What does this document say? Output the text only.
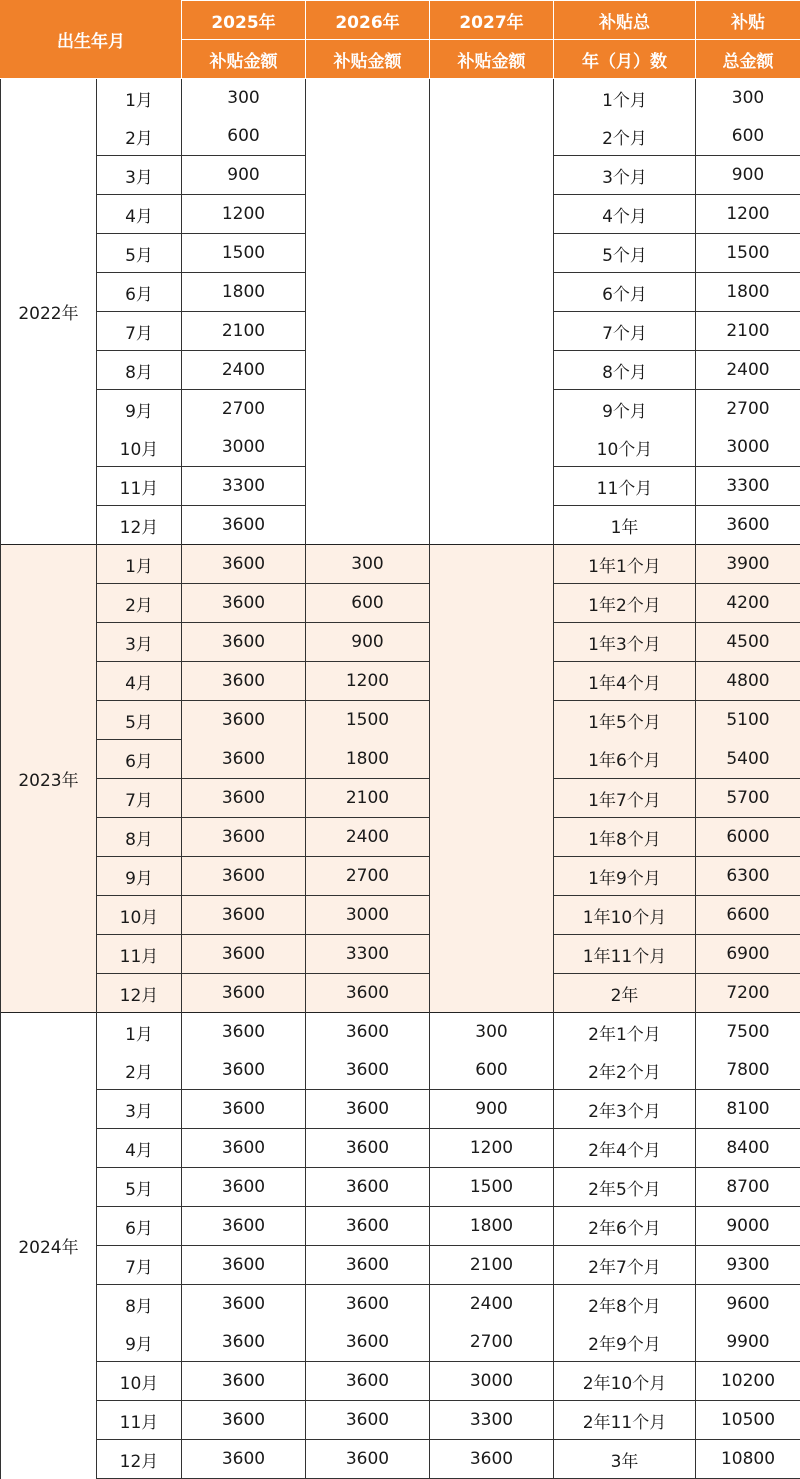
出生年月		2025年	2026年	2027年	补贴总	补贴
		补贴金额	补贴金额	补贴金额	年（月）数	总金额
2022年	1月	300			1个月	300
	2月	600			2个月	600
	3月	900			3个月	900
	4月	1200			4个月	1200
	5月	1500			5个月	1500
	6月	1800			6个月	1800
	7月	2100			7个月	2100
	8月	2400			8个月	2400
	9月	2700			9个月	2700
	10月	3000			10个月	3000
	11月	3300			11个月	3300
	12月	3600			1年	3600
2023年	1月	3600	300		1年1个月	3900
	2月	3600	600		1年2个月	4200
	3月	3600	900		1年3个月	4500
	4月	3600	1200		1年4个月	4800
	5月	3600	1500		1年5个月	5100
	6月	3600	1800		1年6个月	5400
	7月	3600	2100		1年7个月	5700
	8月	3600	2400		1年8个月	6000
	9月	3600	2700		1年9个月	6300
	10月	3600	3000		1年10个月	6600
	11月	3600	3300		1年11个月	6900
	12月	3600	3600		2年	7200
2024年	1月	3600	3600	300	2年1个月	7500
	2月	3600	3600	600	2年2个月	7800
	3月	3600	3600	900	2年3个月	8100
	4月	3600	3600	1200	2年4个月	8400
	5月	3600	3600	1500	2年5个月	8700
	6月	3600	3600	1800	2年6个月	9000
	7月	3600	3600	2100	2年7个月	9300
	8月	3600	3600	2400	2年8个月	9600
	9月	3600	3600	2700	2年9个月	9900
	10月	3600	3600	3000	2年10个月	10200
	11月	3600	3600	3300	2年11个月	10500
	12月	3600	3600	3600	3年	10800
